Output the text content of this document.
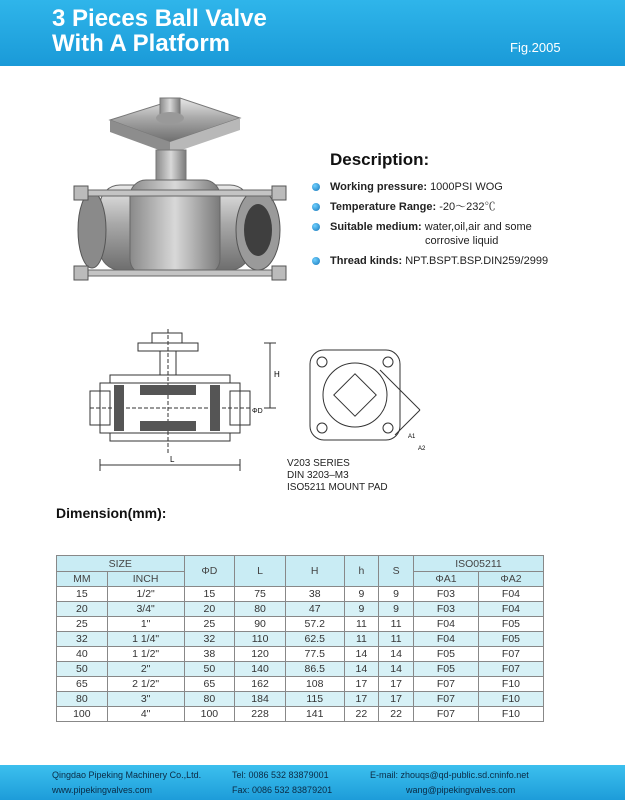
3 Pieces Ball Valve
With A Platform	Fig.2005
Description:
Working pressure: 1000PSI WOG
Temperature Range: -20～232℃
Suitable medium: water,oil,air and some
corrosive liquid
Thread kinds: NPT.BSPT.BSP.DIN259/2999
L
H
ΦD
A1
A2
V203 SERIES
DIN 3203–M3
ISO5211 MOUNT PAD
Dimension(mm):
SIZE		ΦD	L	H	h	S	ISO05211	
MM	INCH						ΦA1	ΦA2
15	1/2"	15	75	38	9	9	F03	F04
20	3/4"	20	80	47	9	9	F03	F04
25	1"	25	90	57.2	11	11	F04	F05
32	1 1/4"	32	110	62.5	11	11	F04	F05
40	1 1/2"	38	120	77.5	14	14	F05	F07
50	2"	50	140	86.5	14	14	F05	F07
65	2 1/2"	65	162	108	17	17	F07	F10
80	3"	80	184	115	17	17	F07	F10
100	4"	100	228	141	22	22	F07	F10
Qingdao Pipeking Machinery Co.,Ltd.
www.pipekingvalves.com
Tel: 0086 532 83879001
Fax: 0086 532 83879201
E-mail: zhouqs@qd-public.sd.cninfo.net
wang@pipekingvalves.com
